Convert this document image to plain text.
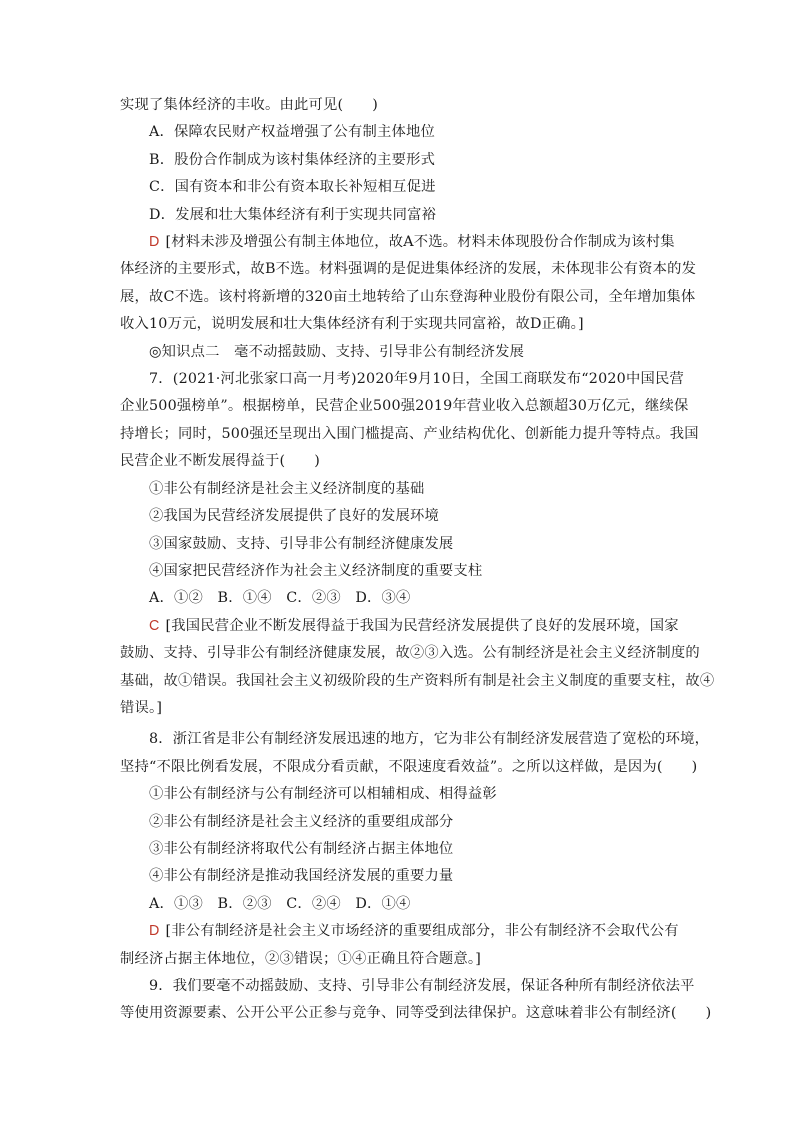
实现了集体经济的丰收。由此可见(　　)
A．保障农民财产权益增强了公有制主体地位
B．股份合作制成为该村集体经济的主要形式
C．国有资本和非公有资本取长补短相互促进
D．发展和壮大集体经济有利于实现共同富裕
D [材料未涉及增强公有制主体地位，故A不选。材料未体现股份合作制成为该村集
体经济的主要形式，故B不选。材料强调的是促进集体经济的发展，未体现非公有资本的发
展，故C不选。该村将新增的320亩土地转给了山东登海种业股份有限公司，全年增加集体
收入10万元，说明发展和壮大集体经济有利于实现共同富裕，故D正确。]
◎知识点二　毫不动摇鼓励、支持、引导非公有制经济发展
7．(2021·河北张家口高一月考)2020年9月10日，全国工商联发布“2020中国民营
企业500强榜单”。根据榜单，民营企业500强2019年营业收入总额超30万亿元，继续保
持增长；同时，500强还呈现出入围门槛提高、产业结构优化、创新能力提升等特点。我国
民营企业不断发展得益于(　　)
①非公有制经济是社会主义经济制度的基础
②我国为民营经济发展提供了良好的发展环境
③国家鼓励、支持、引导非公有制经济健康发展
④国家把民营经济作为社会主义经济制度的重要支柱
A．①②　B．①④　C．②③　D．③④
C [我国民营企业不断发展得益于我国为民营经济发展提供了良好的发展环境，国家
鼓励、支持、引导非公有制经济健康发展，故②③入选。公有制经济是社会主义经济制度的
基础，故①错误。我国社会主义初级阶段的生产资料所有制是社会主义制度的重要支柱，故④
错误。]
8．浙江省是非公有制经济发展迅速的地方，它为非公有制经济发展营造了宽松的环境，
坚持“不限比例看发展，不限成分看贡献，不限速度看效益”。之所以这样做，是因为(　　)
①非公有制经济与公有制经济可以相辅相成、相得益彰
②非公有制经济是社会主义经济的重要组成部分
③非公有制经济将取代公有制经济占据主体地位
④非公有制经济是推动我国经济发展的重要力量
A．①③　B．②③　C．②④　D．①④
D [非公有制经济是社会主义市场经济的重要组成部分，非公有制经济不会取代公有
制经济占据主体地位，②③错误；①④正确且符合题意。]
9．我们要毫不动摇鼓励、支持、引导非公有制经济发展，保证各种所有制经济依法平
等使用资源要素、公开公平公正参与竞争、同等受到法律保护。这意味着非公有制经济(　　)
